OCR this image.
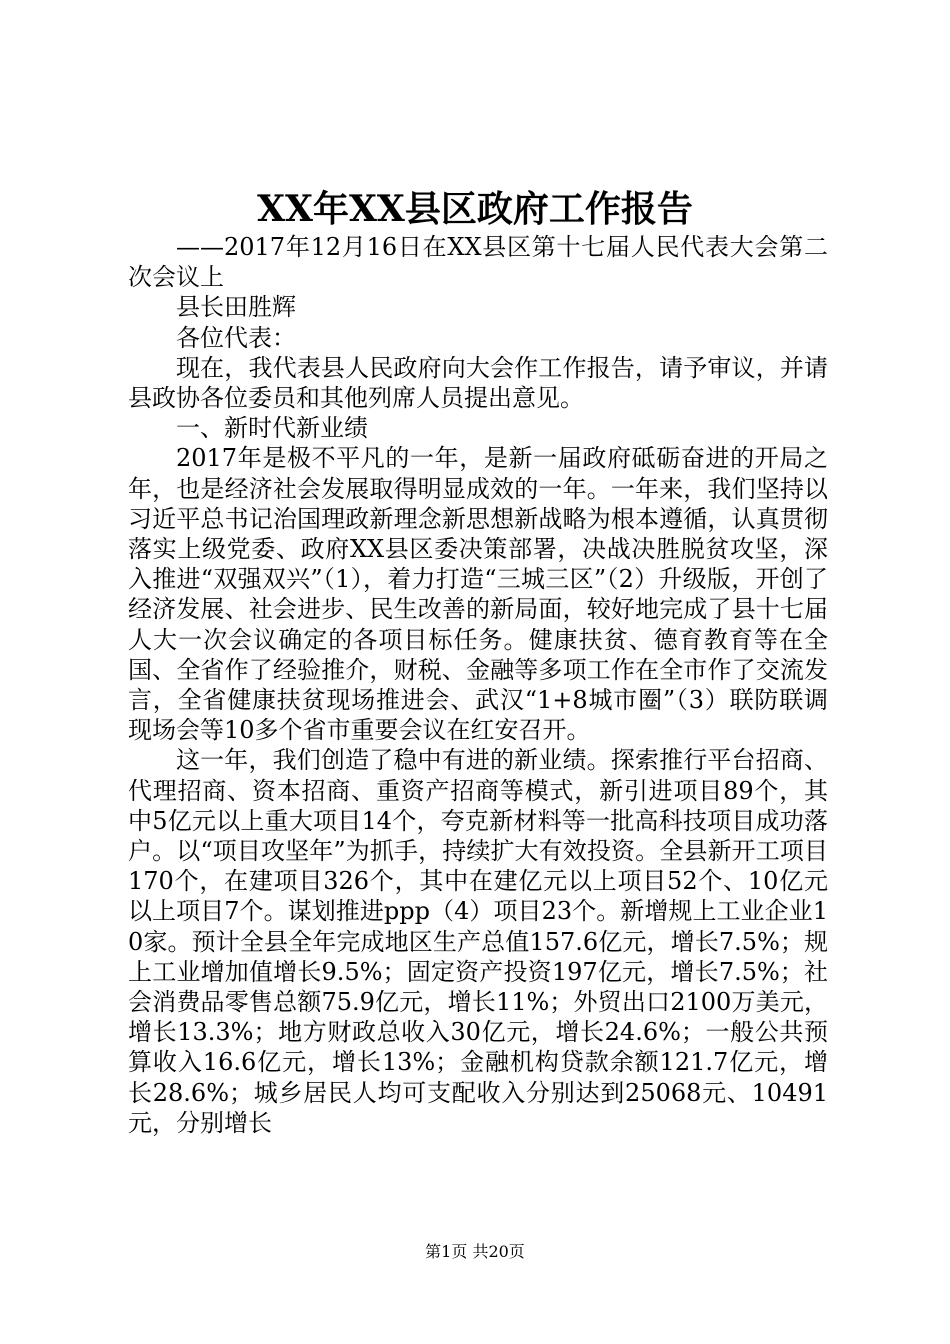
XX年XX县区政府工作报告

——2017年12月16日在XX县区第十七届人民代表大会第二次会议上

县长田胜辉

各位代表：

现在，我代表县人民政府向大会作工作报告，请予审议，并请县政协各位委员和其他列席人员提出意见。

一、新时代新业绩

2017年是极不平凡的一年，是新一届政府砥砺奋进的开局之年，也是经济社会发展取得明显成效的一年。一年来，我们坚持以习近平总书记治国理政新理念新思想新战略为根本遵循，认真贯彻落实上级党委、政府XX县区委决策部署，决战决胜脱贫攻坚，深入推进“双强双兴”（1），着力打造“三城三区”（2）升级版，开创了经济发展、社会进步、民生改善的新局面，较好地完成了县十七届人大一次会议确定的各项目标任务。健康扶贫、德育教育等在全国、全省作了经验推介，财税、金融等多项工作在全市作了交流发言，全省健康扶贫现场推进会、武汉“1+8城市圈”（3）联防联调现场会等10多个省市重要会议在红安召开。

这一年，我们创造了稳中有进的新业绩。探索推行平台招商、代理招商、资本招商、重资产招商等模式，新引进项目89个，其中5亿元以上重大项目14个，夸克新材料等一批高科技项目成功落户。以“项目攻坚年”为抓手，持续扩大有效投资。全县新开工项目170个，在建项目326个，其中在建亿元以上项目52个、10亿元以上项目7个。谋划推进ppp（4）项目23个。新增规上工业企业10家。预计全县全年完成地区生产总值157.6亿元，增长7.5%；规上工业增加值增长9.5%；固定资产投资197亿元，增长7.5%；社会消费品零售总额75.9亿元，增长11%；外贸出口2100万美元，增长13.3%；地方财政总收入30亿元，增长24.6%；一般公共预算收入16.6亿元，增长13%；金融机构贷款余额121.7亿元，增长28.6%；城乡居民人均可支配收入分别达到25068元、10491元，分别增长

第1页 共20页
